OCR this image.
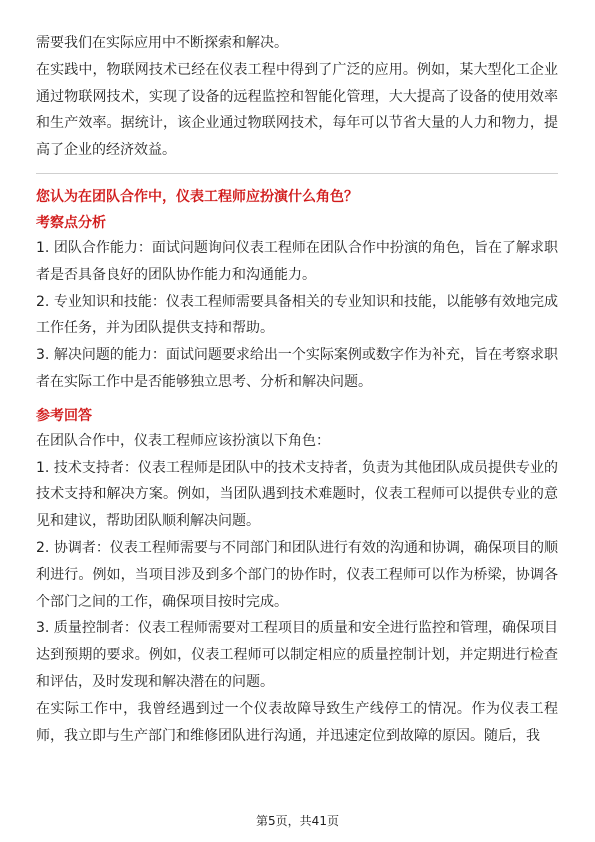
需要我们在实际应用中不断探索和解决。

在实践中，物联网技术已经在仪表工程中得到了广泛的应用。例如，某大型化工企业通过物联网技术，实现了设备的远程监控和智能化管理，大大提高了设备的使用效率和生产效率。据统计，该企业通过物联网技术，每年可以节省大量的人力和物力，提高了企业的经济效益。

您认为在团队合作中，仪表工程师应扮演什么角色？

考察点分析

1. 团队合作能力：面试问题询问仪表工程师在团队合作中扮演的角色，旨在了解求职者是否具备良好的团队协作能力和沟通能力。

2. 专业知识和技能：仪表工程师需要具备相关的专业知识和技能，以能够有效地完成工作任务，并为团队提供支持和帮助。

3. 解决问题的能力：面试问题要求给出一个实际案例或数字作为补充，旨在考察求职者在实际工作中是否能够独立思考、分析和解决问题。

参考回答

在团队合作中，仪表工程师应该扮演以下角色：

1. 技术支持者：仪表工程师是团队中的技术支持者，负责为其他团队成员提供专业的技术支持和解决方案。例如，当团队遇到技术难题时，仪表工程师可以提供专业的意见和建议，帮助团队顺利解决问题。

2. 协调者：仪表工程师需要与不同部门和团队进行有效的沟通和协调，确保项目的顺利进行。例如，当项目涉及到多个部门的协作时，仪表工程师可以作为桥梁，协调各个部门之间的工作，确保项目按时完成。

3. 质量控制者：仪表工程师需要对工程项目的质量和安全进行监控和管理，确保项目达到预期的要求。例如，仪表工程师可以制定相应的质量控制计划，并定期进行检查和评估，及时发现和解决潜在的问题。

在实际工作中，我曾经遇到过一个仪表故障导致生产线停工的情况。作为仪表工程师，我立即与生产部门和维修团队进行沟通，并迅速定位到故障的原因。随后，我

第5页，共41页
